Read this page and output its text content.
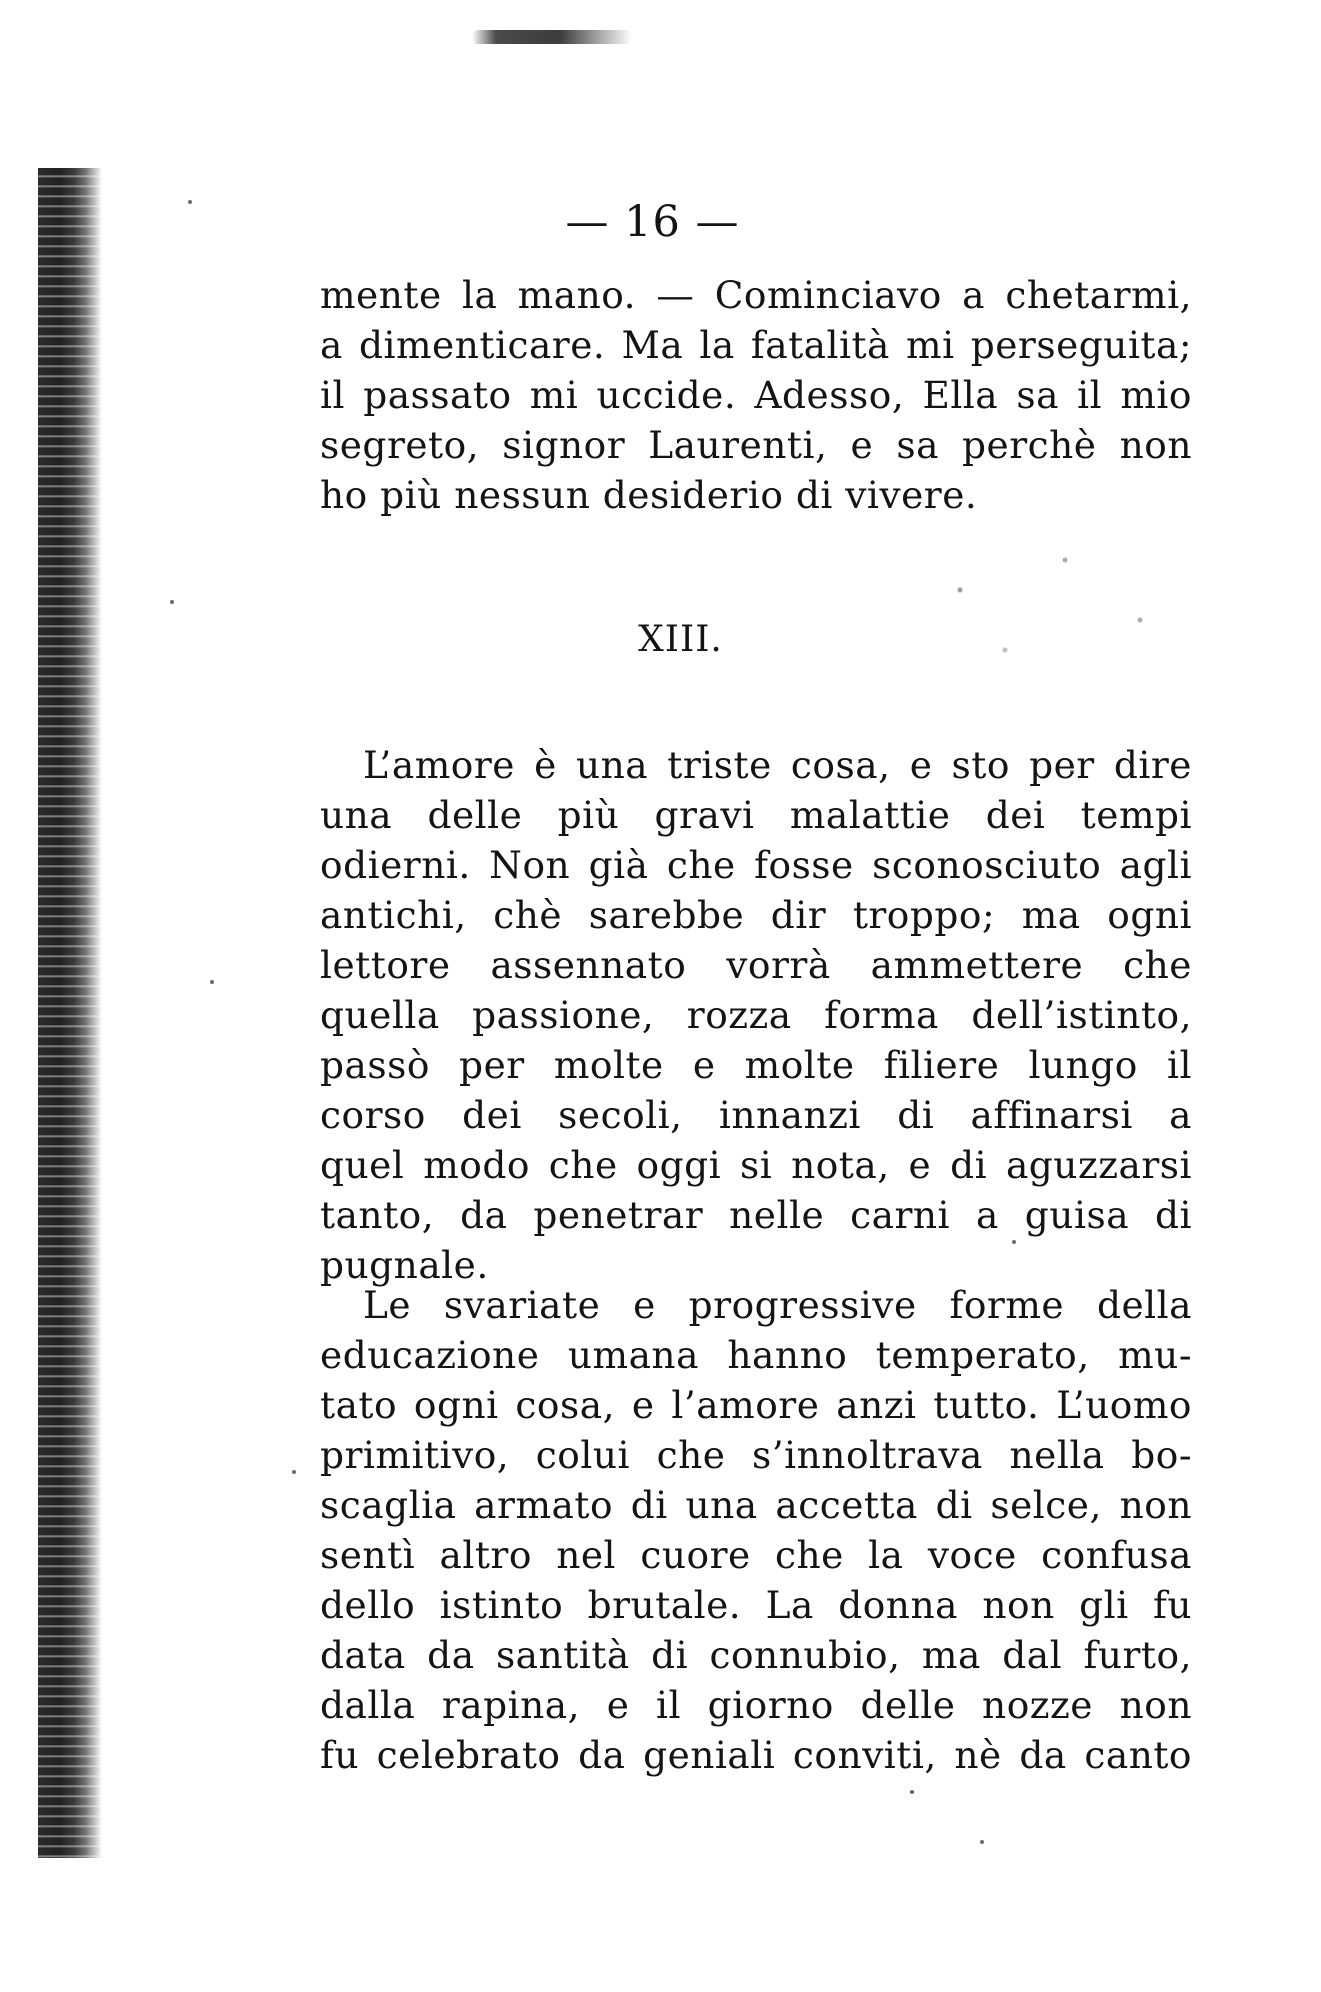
— 16 —
mente la mano. — Cominciavo a chetarmi,
a dimenticare. Ma la fatalità mi perseguita;
il passato mi uccide. Adesso, Ella sa il mio
segreto, signor Laurenti, e sa perchè non
ho più nessun desiderio di vivere.
XIII.
L’amore è una triste cosa, e sto per dire
una delle più gravi malattie dei tempi
odierni. Non già che fosse sconosciuto agli
antichi, chè sarebbe dir troppo; ma ogni
lettore assennato vorrà ammettere che
quella passione, rozza forma dell’istinto,
passò per molte e molte filiere lungo il
corso dei secoli, innanzi di affinarsi a
quel modo che oggi si nota, e di aguzzarsi
tanto, da penetrar nelle carni a guisa di
pugnale.
Le svariate e progressive forme della
educazione umana hanno temperato, mu-
tato ogni cosa, e l’amore anzi tutto. L’uomo
primitivo, colui che s’innoltrava nella bo-
scaglia armato di una accetta di selce, non
sentì altro nel cuore che la voce confusa
dello istinto brutale. La donna non gli fu
data da santità di connubio, ma dal furto,
dalla rapina, e il giorno delle nozze non
fu celebrato da geniali conviti, nè da canto
